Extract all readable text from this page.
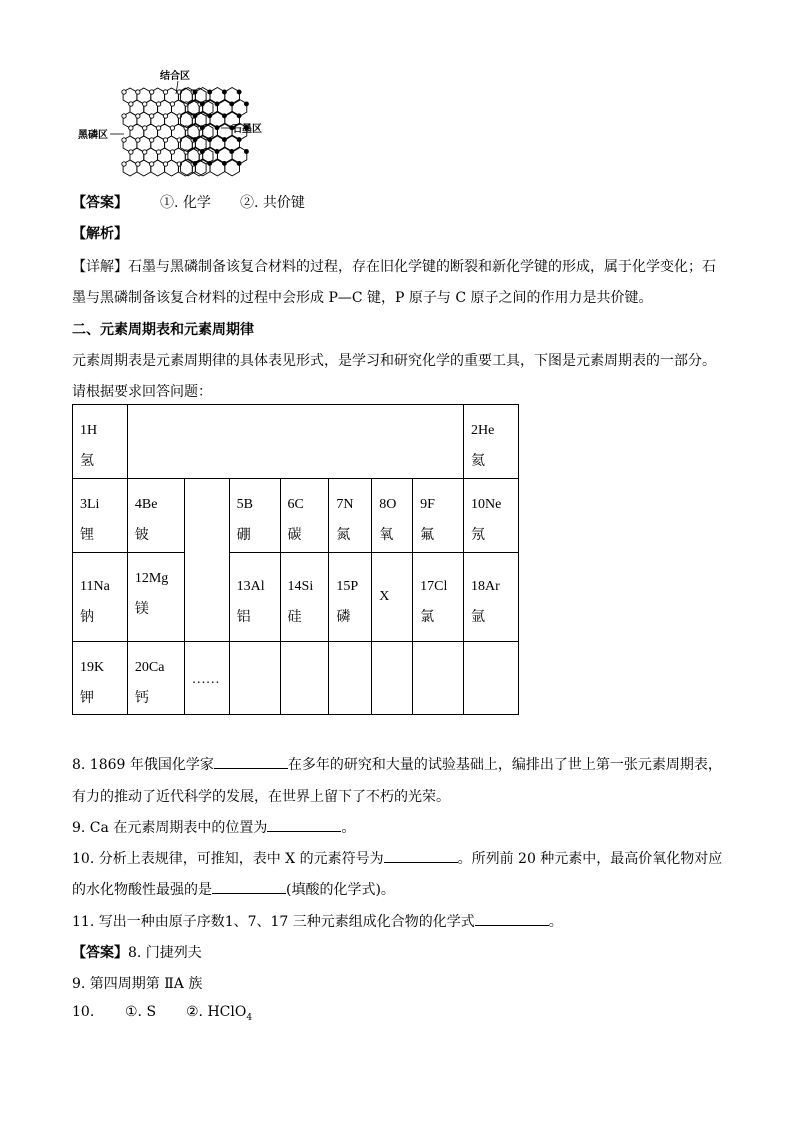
结合区
黑磷区
石墨区
【答案】 ①. 化学 ②. 共价键
【解析】
【详解】石墨与黑磷制备该复合材料的过程，存在旧化学键的断裂和新化学键的形成，属于化学变化；石
墨与黑磷制备该复合材料的过程中会形成 P—C 键，P 原子与 C 原子之间的作用力是共价键。
二、元素周期表和元素周期律
元素周期表是元素周期律的具体表见形式，是学习和研究化学的重要工具，下图是元素周期表的一部分。
请根据要求回答问题：
1H
氢								2He
氦

3Li
锂	4Be
铍		5B
硼	6C
碳	7N
氮	8O
氧	9F
氟	10Ne
氖

11Na
钠	12Mg
镁		13Al
铝	14Si
硅	15P
磷	X	17Cl
氯	18Ar
氩

19K
钾	20Ca
钙	……						

8. 1869 年俄国化学家	在多年的研究和大量的试验基础上，编排出了世上第一张元素周期表，
有力的推动了近代科学的发展，在世界上留下了不朽的光荣。
9. Ca 在元素周期表中的位置为	。
10. 分析上表规律，可推知，表中 X 的元素符号为	。所列前 20 种元素中，最高价氧化物对应
的水化物酸性最强的是	(填酸的化学式)。
11. 写出一种由原子序数1、7、17 三种元素组成化合物的化学式	。
【答案】8. 门捷列夫
9. 第四周期第 ⅡA 族
10. ①. S ②. HClO$_4$
